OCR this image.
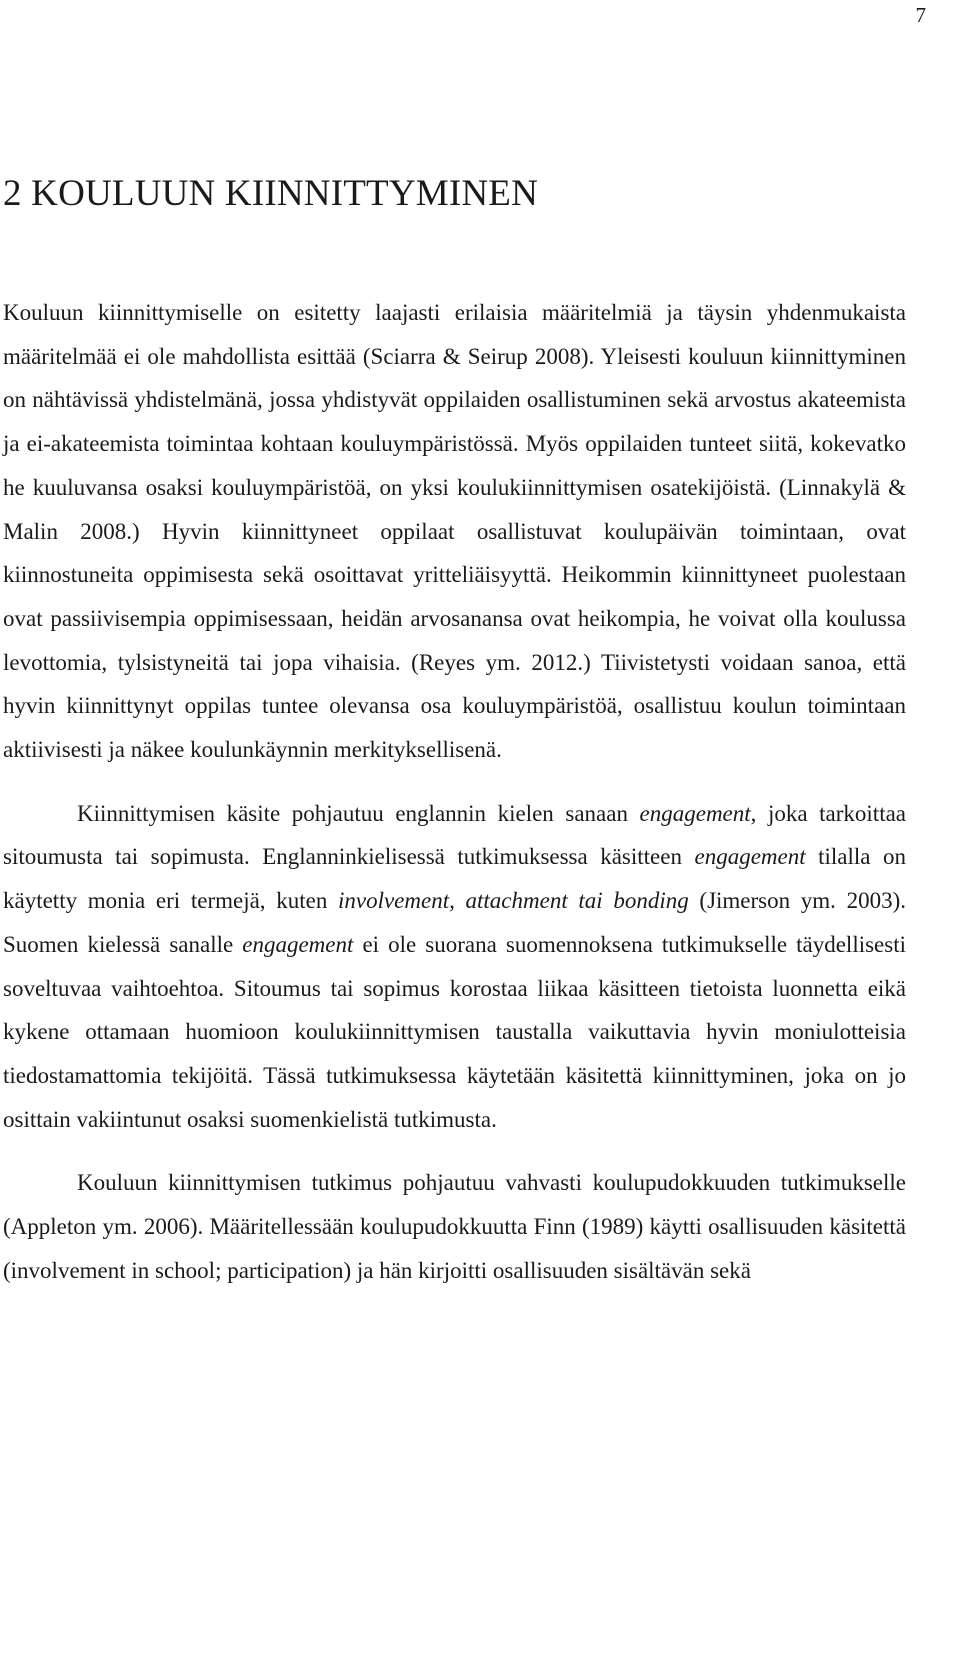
7
2 KOULUUN KIINNITTYMINEN

Kouluun kiinnittymiselle on esitetty laajasti erilaisia määritelmiä ja täysin yhdenmukaista määritelmää ei ole mahdollista esittää (Sciarra & Seirup 2008). Yleisesti kouluun kiinnittyminen on nähtävissä yhdistelmänä, jossa yhdistyvät oppilaiden osallistuminen sekä arvostus akateemista ja ei-akateemista toimintaa kohtaan kouluympäristössä. Myös oppilaiden tunteet siitä, kokevatko he kuuluvansa osaksi kouluympäristöä, on yksi koulukiinnittymisen osatekijöistä. (Linnakylä & Malin 2008.) Hyvin kiinnittyneet oppilaat osallistuvat koulupäivän toimintaan, ovat kiinnostuneita oppimisesta sekä osoittavat yritteliäisyyttä. Heikommin kiinnittyneet puolestaan ovat passiivisempia oppimisessaan, heidän arvosanansa ovat heikompia, he voivat olla koulussa levottomia, tylsistyneitä tai jopa vihaisia. (Reyes ym. 2012.) Tiivistetysti voidaan sanoa, että hyvin kiinnittynyt oppilas tuntee olevansa osa kouluympäristöä, osallistuu koulun toimintaan aktiivisesti ja näkee koulunkäynnin merkityksellisenä.

Kiinnittymisen käsite pohjautuu englannin kielen sanaan engagement, joka tarkoittaa sitoumusta tai sopimusta. Englanninkielisessä tutkimuksessa käsitteen engagement tilalla on käytetty monia eri termejä, kuten involvement, attachment tai bonding (Jimerson ym. 2003). Suomen kielessä sanalle engagement ei ole suorana suomennoksena tutkimukselle täydellisesti soveltuvaa vaihtoehtoa. Sitoumus tai sopimus korostaa liikaa käsitteen tietoista luonnetta eikä kykene ottamaan huomioon koulukiinnittymisen taustalla vaikuttavia hyvin moniulotteisia tiedostamattomia tekijöitä. Tässä tutkimuksessa käytetään käsitettä kiinnittyminen, joka on jo osittain vakiintunut osaksi suomenkielistä tutkimusta.

Kouluun kiinnittymisen tutkimus pohjautuu vahvasti koulupudokkuuden tutkimukselle (Appleton ym. 2006). Määritellessään koulupudokkuutta Finn (1989) käytti osallisuuden käsitettä (involvement in school; participation) ja hän kirjoitti osallisuuden sisältävän sekä
